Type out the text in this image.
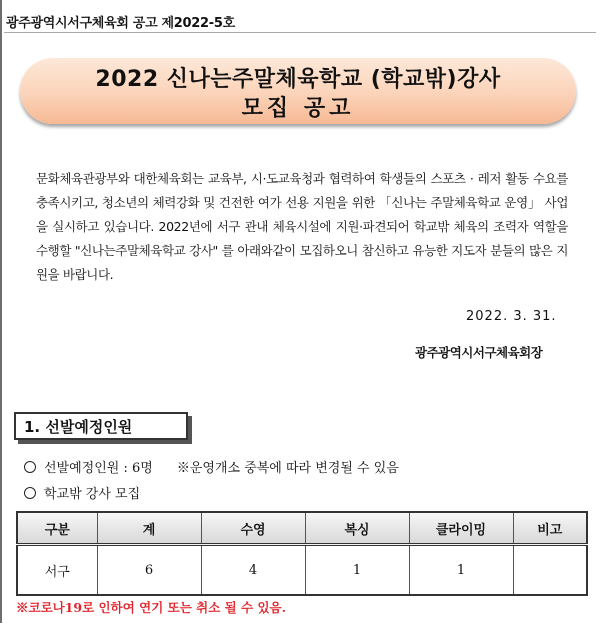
광주광역시서구체육회 공고 제2022-5호
2022 신나는주말체육학교 (학교밖)강사
모집 공고
문화체육관광부와 대한체육회는 교육부, 시·도교육청과 협력하여 학생들의 스포츠 · 레저 활동 수요를 충족시키고, 청소년의 체력강화 및 건전한 여가 선용 지원을 위한 「신나는 주말체육학교 운영」 사업을 실시하고 있습니다. 2022년에 서구 관내 체육시설에 지원·파견되어 학교밖 체육의 조력자 역할을 수행할 "신나는주말체육학교 강사" 를 아래와같이 모집하오니 참신하고 유능한 지도자 분들의 많은 지원을 바랍니다.
2022. 3. 31.
광주광역시서구체육회장
1. 선발예정인원
선발예정인원 : 6명 ※운영개소 중복에 따라 변경될 수 있음
학교밖 강사 모집
구분	계	수영	복싱	클라이밍	비고
서구	6	4	1	1	
※코로나19로 인하여 연기 또는 취소 될 수 있음.
